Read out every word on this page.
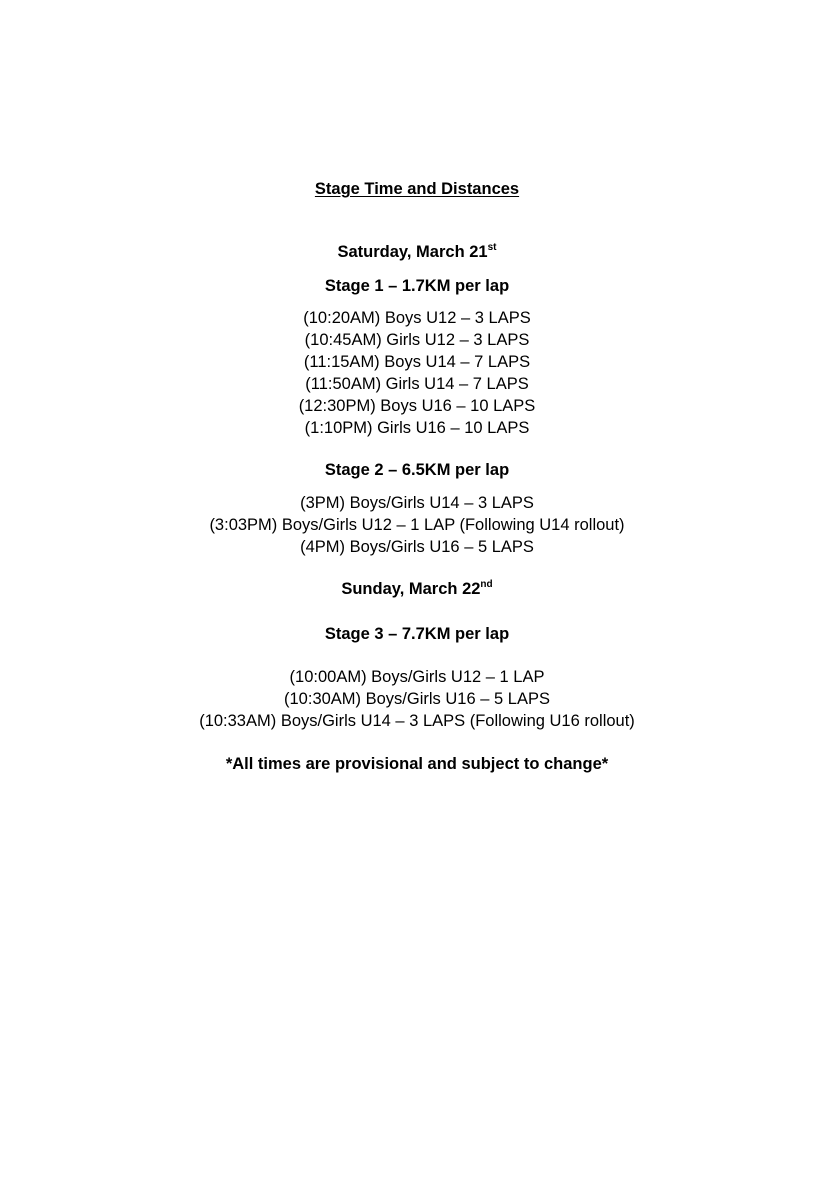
Stage Time and Distances
Saturday, March 21st
Stage 1 – 1.7KM per lap
(10:20AM) Boys U12 – 3 LAPS
(10:45AM) Girls U12 – 3 LAPS
(11:15AM) Boys U14 – 7 LAPS
(11:50AM) Girls U14 – 7 LAPS
(12:30PM) Boys U16 – 10 LAPS
(1:10PM) Girls U16 – 10 LAPS
Stage 2 – 6.5KM per lap
(3PM) Boys/Girls U14 – 3 LAPS
(3:03PM) Boys/Girls U12 – 1 LAP (Following U14 rollout)
(4PM) Boys/Girls U16 – 5 LAPS
Sunday, March 22nd
Stage 3 – 7.7KM per lap
(10:00AM) Boys/Girls U12 – 1 LAP
(10:30AM) Boys/Girls U16 – 5 LAPS
(10:33AM) Boys/Girls U14 – 3 LAPS (Following U16 rollout)
*All times are provisional and subject to change*
